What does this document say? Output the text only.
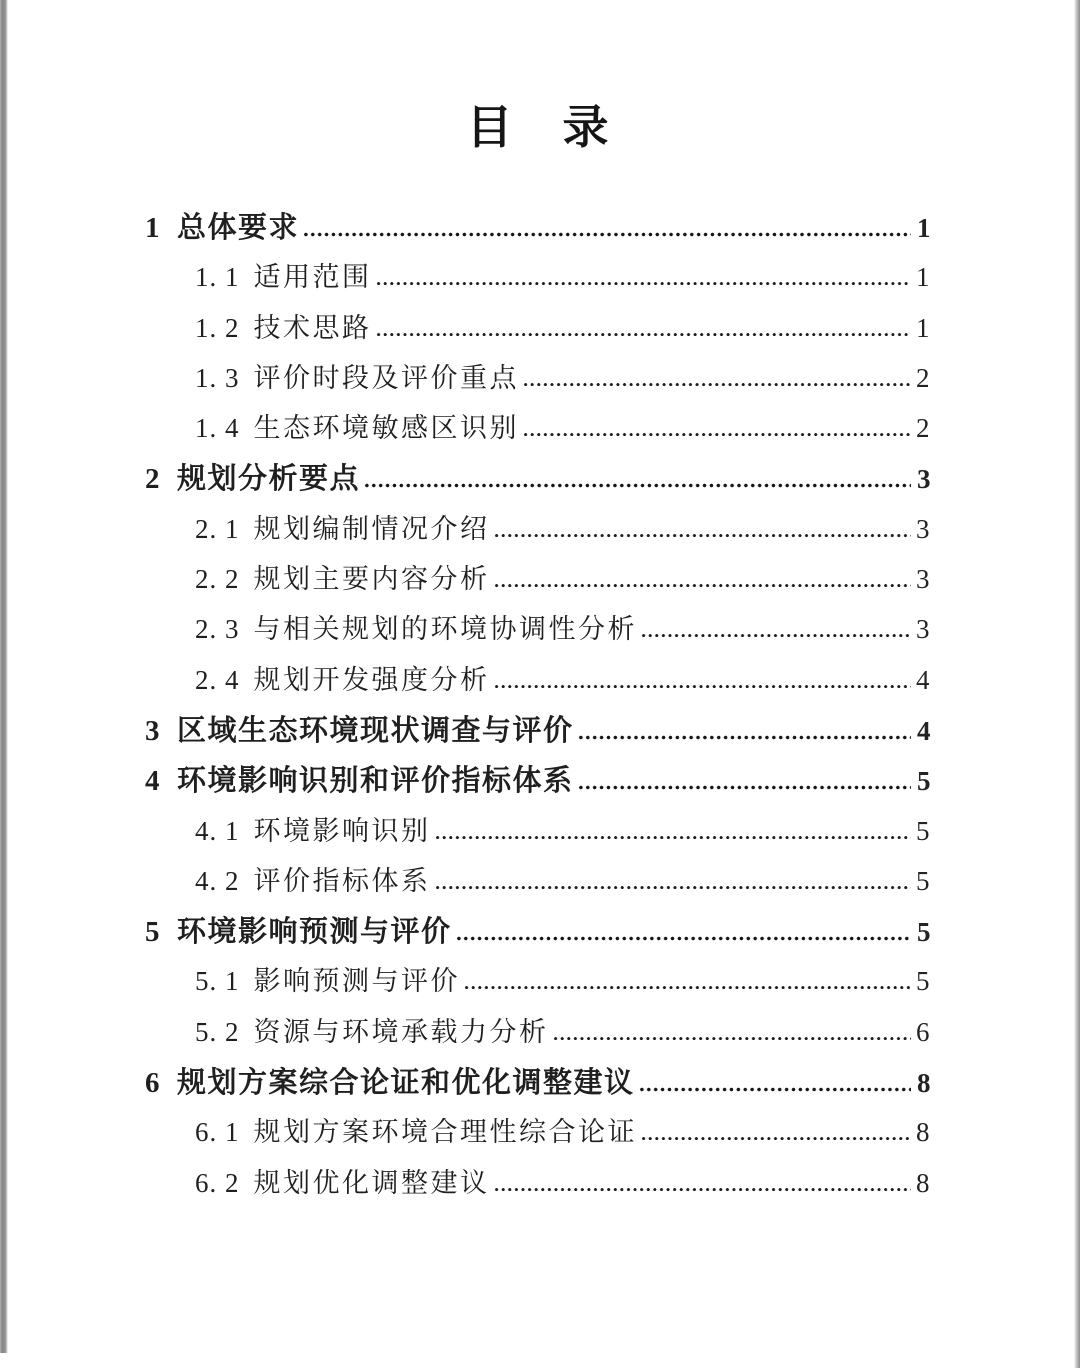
目　录
1 总体要求	1
1. 1 适用范围	1
1. 2 技术思路	1
1. 3 评价时段及评价重点	2
1. 4 生态环境敏感区识别	2
2 规划分析要点	3
2. 1 规划编制情况介绍	3
2. 2 规划主要内容分析	3
2. 3 与相关规划的环境协调性分析	3
2. 4 规划开发强度分析	4
3 区域生态环境现状调查与评价	4
4 环境影响识别和评价指标体系	5
4. 1 环境影响识别	5
4. 2 评价指标体系	5
5 环境影响预测与评价	5
5. 1 影响预测与评价	5
5. 2 资源与环境承载力分析	6
6 规划方案综合论证和优化调整建议	8
6. 1 规划方案环境合理性综合论证	8
6. 2 规划优化调整建议	8
